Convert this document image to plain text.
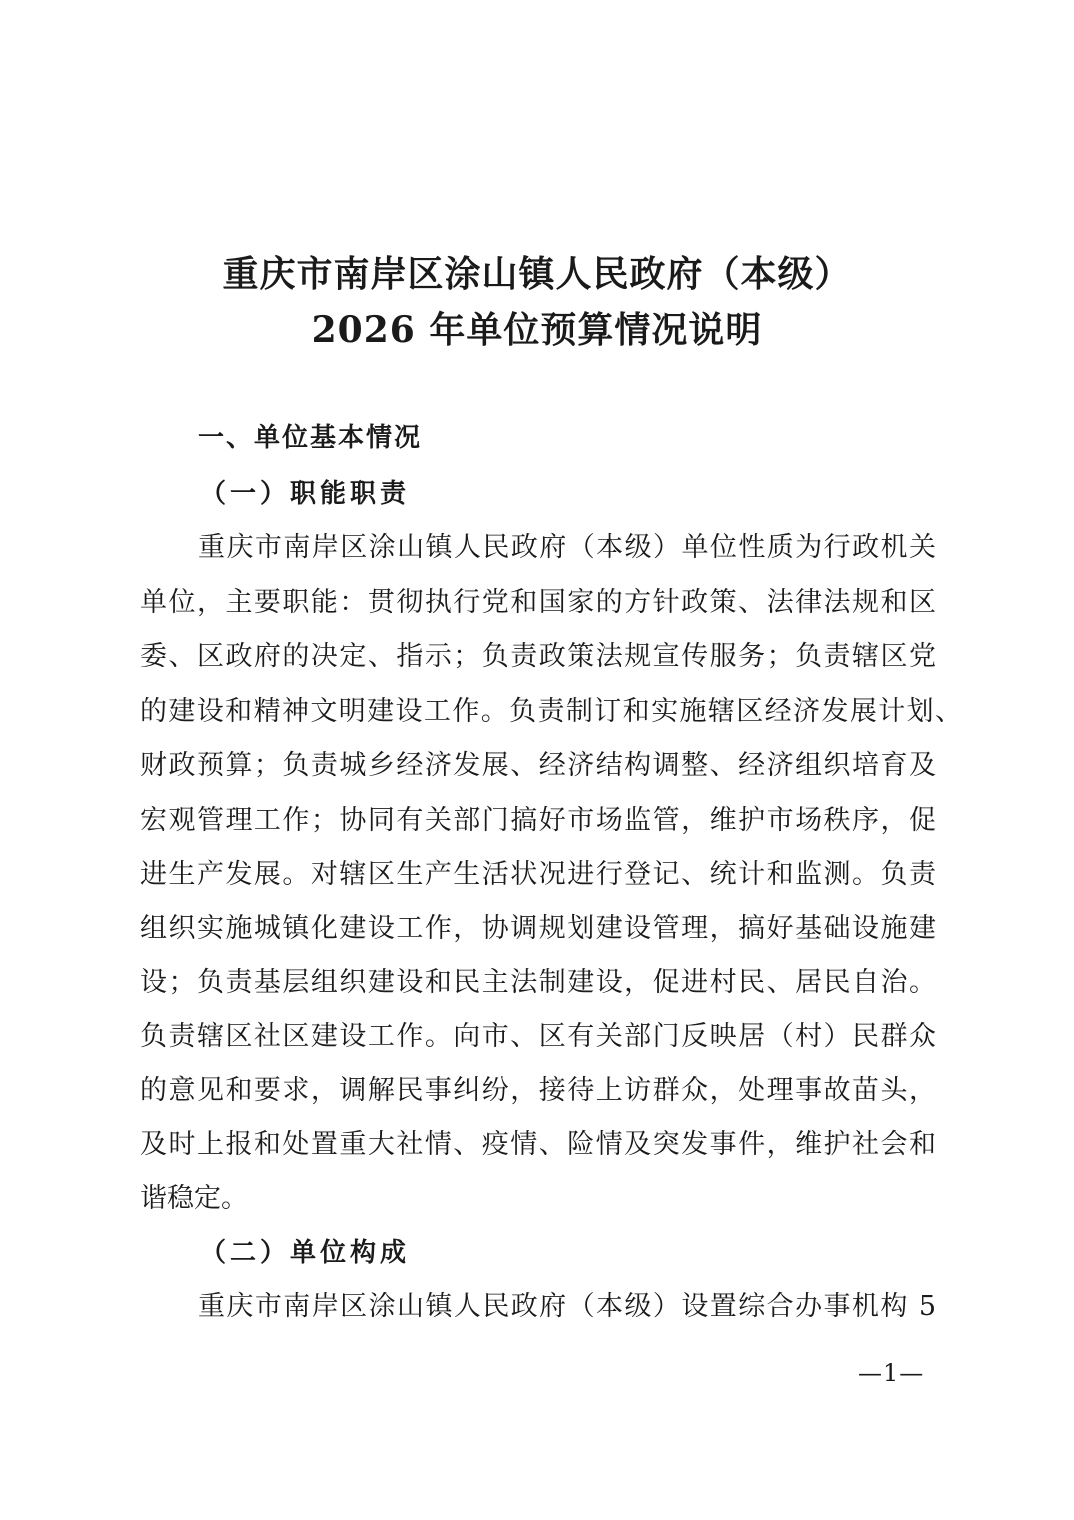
重庆市南岸区涂山镇人民政府（本级）
2026 年单位预算情况说明
一、单位基本情况
（一）职能职责
重庆市南岸区涂山镇人民政府（本级）单位性质为行政机关
单位，主要职能：贯彻执行党和国家的方针政策、法律法规和区
委、区政府的决定、指示；负责政策法规宣传服务；负责辖区党
的建设和精神文明建设工作。负责制订和实施辖区经济发展计划、
财政预算；负责城乡经济发展、经济结构调整、经济组织培育及
宏观管理工作；协同有关部门搞好市场监管，维护市场秩序，促
进生产发展。对辖区生产生活状况进行登记、统计和监测。负责
组织实施城镇化建设工作，协调规划建设管理，搞好基础设施建
设；负责基层组织建设和民主法制建设，促进村民、居民自治。
负责辖区社区建设工作。向市、区有关部门反映居（村）民群众
的意见和要求，调解民事纠纷，接待上访群众，处理事故苗头，
及时上报和处置重大社情、疫情、险情及突发事件，维护社会和
谐稳定。
（二）单位构成
重庆市南岸区涂山镇人民政府（本级）设置综合办事机构 5
—1—
